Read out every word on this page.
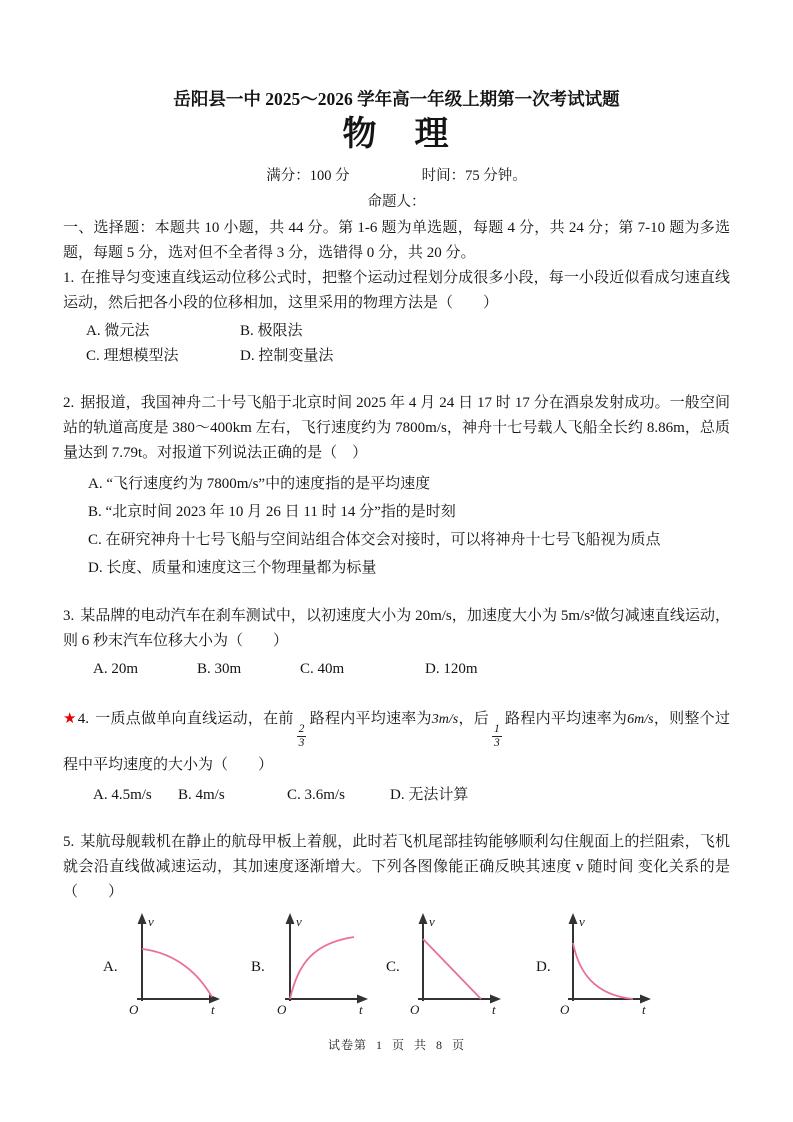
岳阳县一中 2025～2026 学年高一年级上期第一次考试试题
物　理
满分：100 分	时间：75 分钟。
命题人：
一、选择题：本题共 10 小题，共 44 分。第 1-6 题为单选题，每题 4 分，共 24 分；第 7-10 题为多选题，每题 5 分，选对但不全者得 3 分，选错得 0 分，共 20 分。
1. 在推导匀变速直线运动位移公式时，把整个运动过程划分成很多小段，每一小段近似看成匀速直线运动，然后把各小段的位移相加，这里采用的物理方法是（　　）
A. 微元法	B. 极限法
C. 理想模型法	D. 控制变量法
2. 据报道，我国神舟二十号飞船于北京时间 2025 年 4 月 24 日 17 时 17 分在酒泉发射成功。一般空间站的轨道高度是 380～400km 左右，飞行速度约为 7800m/s，神舟十七号载人飞船全长约 8.86m，总质量达到 7.79t。对报道下列说法正确的是（　）
A. “飞行速度约为 7800m/s”中的速度指的是平均速度
B. “北京时间 2023 年 10 月 26 日 11 时 14 分”指的是时刻
C. 在研究神舟十七号飞船与空间站组合体交会对接时，可以将神舟十七号飞船视为质点
D. 长度、质量和速度这三个物理量都为标量
3. 某品牌的电动汽车在刹车测试中，以初速度大小为 20m/s，加速度大小为 5m/s²做匀减速直线运动，则 6 秒末汽车位移大小为（　　）
A. 20m	B. 30m	C. 40m	D. 120m
★4. 一质点做单向直线运动，在前
$\frac{2}{3}$
路程内平均速率为3m/s，后
$\frac{1}{3}$
路程内平均速率为6m/s，则整个过程中平均速度的大小为（　　）
A. 4.5m/s B. 4m/s	C. 3.6m/s	D. 无法计算
5. 某航母舰载机在静止的航母甲板上着舰，此时若飞机尾部挂钩能够顺利勾住舰面上的拦阻索，飞机就会沿直线做减速运动，其加速度逐渐增大。下列各图像能正确反映其速度 v 随时间 变化关系的是（　　）
A.
v
t
O
B.
v
t
O
C.
v
t
O
D.
v
t
O
试卷第 1 页 共 8 页
